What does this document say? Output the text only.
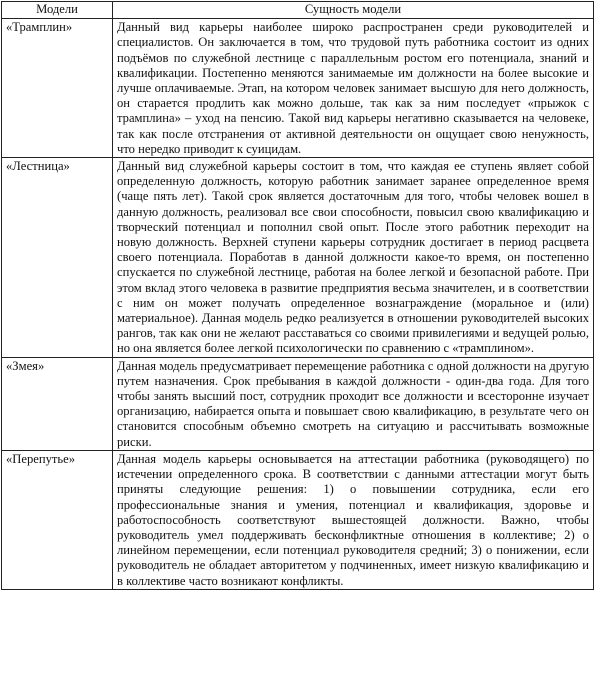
Модели	Сущность модели
«Трамплин»	Данный вид карьеры наиболее широко распространен среди руководителей и специалистов. Он заключается в том, что трудовой путь работника состоит из одних подъёмов по служебной лестнице с параллельным ростом его потенциала, знаний и квалификации. Постепенно меняются занимаемые им должности на более высокие и лучше оплачиваемые. Этап, на котором человек занимает высшую для него должность, он старается продлить как можно дольше, так как за ним последует «прыжок с трамплина» – уход на пенсию. Такой вид карьеры негативно сказывается на человеке, так как после отстранения от активной деятельности он ощущает свою ненужность, что нередко приводит к суицидам.
«Лестница»	Данный вид служебной карьеры состоит в том, что каждая ее ступень являет собой определенную должность, которую работник занимает заранее определенное время (чаще пять лет). Такой срок является достаточным для того, чтобы человек вошел в данную должность, реализовал все свои способности, повысил свою квалификацию и творческий потенциал и пополнил свой опыт. После этого работник переходит на новую должность. Верхней ступени карьеры сотрудник достигает в период расцвета своего потенциала. Поработав в данной должности какое-то время, он постепенно спускается по служебной лестнице, работая на более легкой и безопасной работе. При этом вклад этого человека в развитие предприятия весьма значителен, и в соответствии с ним он может получать определенное вознаграждение (моральное и (или) материальное). Данная модель редко реализуется в отношении руководителей высоких рангов, так как они не желают расставаться со своими привилегиями и ведущей ролью, но она является более легкой психологически по сравнению с «трамплином».
«Змея»	Данная модель предусматривает перемещение работника с одной должности на другую путем назначения. Срок пребывания в каждой должности - один-два года. Для того чтобы занять высший пост, сотрудник проходит все должности и всесторонне изучает организацию, набирается опыта и повышает свою квалификацию, в результате чего он становится способным объемно смотреть на ситуацию и рассчитывать возможные риски.
«Перепутье»	Данная модель карьеры основывается на аттестации работника (руководящего) по истечении определенного срока. В соответствии с данными аттестации могут быть приняты следующие решения: 1) о повышении сотрудника, если его профессиональные знания и умения, потенциал и квалификация, здоровье и работоспособность соответствуют вышестоящей должности. Важно, чтобы руководитель умел поддерживать бесконфликтные отношения в коллективе; 2) о линейном перемещении, если потенциал руководителя средний; 3) о понижении, если руководитель не обладает авторитетом у подчиненных, имеет низкую квалификацию и в коллективе часто возникают конфликты.
